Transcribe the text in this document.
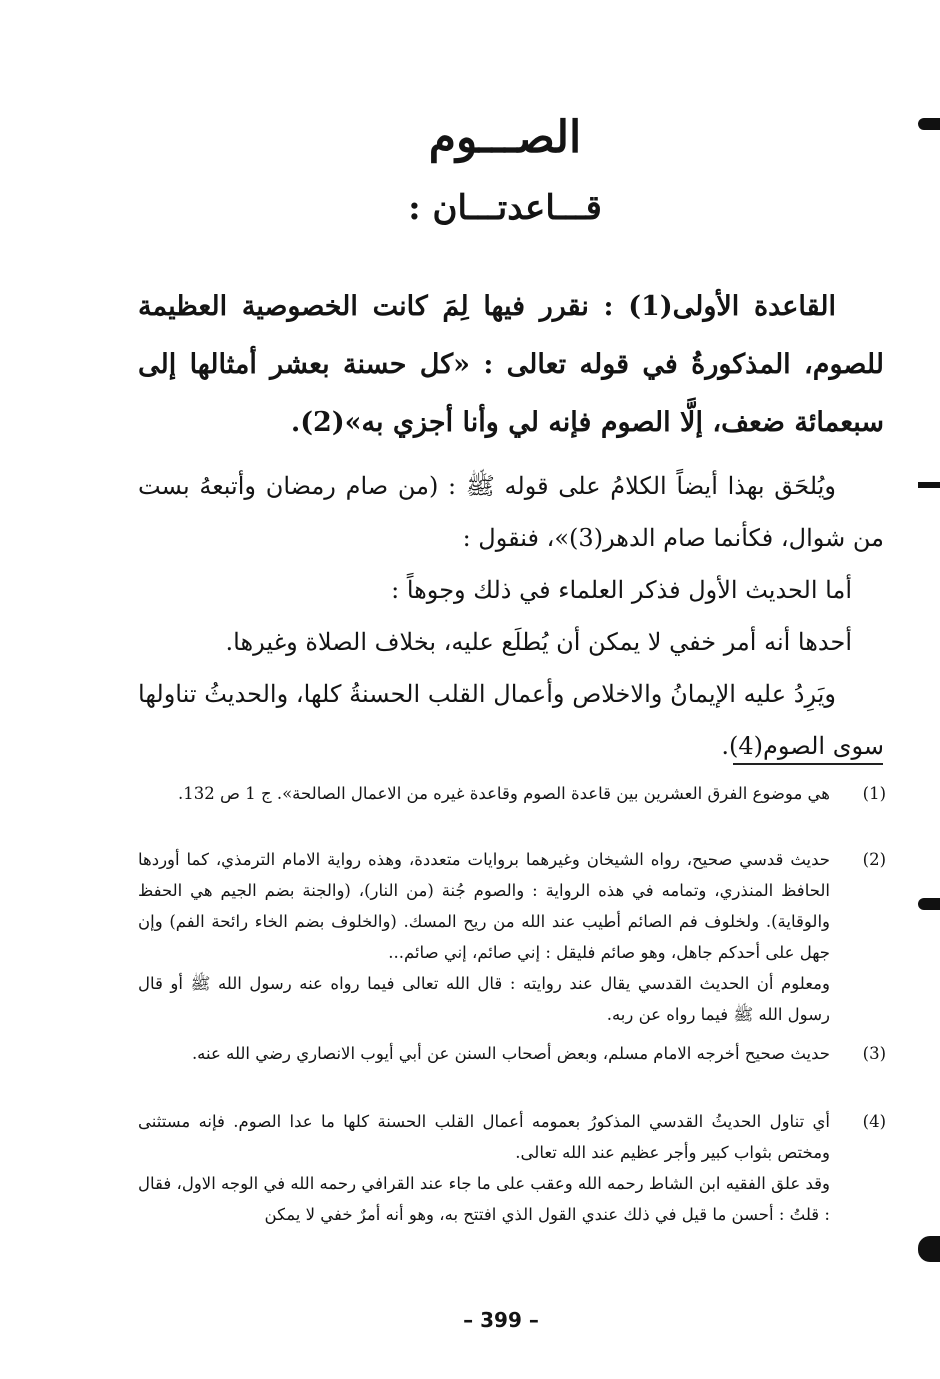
الصـــوم
قـــاعدتـــان :

القاعدة الأولى(1) : نقرر فيها لِمَ كانت الخصوصية العظيمة للصوم، المذكورةُ في قوله تعالى : «كل حسنة بعشر أمثالها إلى سبعمائة ضعف، إلَّا الصوم فإنه لي وأنا أجزي به»(2).

ويُلحَق بهذا أيضاً الكلامُ على قوله ﷺ : (من صام رمضان وأتبعهُ بست من شوال، فكأنما صام الدهر(3)»، فنقول :

أما الحديث الأول فذكر العلماء في ذلك وجوهاً :

أحدها أنه أمر خفي لا يمكن أن يُطلَع عليه، بخلاف الصلاة وغيرها.

ويَرِدُ عليه الإيمانُ والاخلاص وأعمال القلب الحسنةُ كلها، والحديثُ تناولها سوى الصوم(4).

(1)

هي موضوع الفرق العشرين بين قاعدة الصوم وقاعدة غيره من الاعمال الصالحة». ج 1 ص 132.

(2)

حديث قدسي صحيح، رواه الشيخان وغيرهما بروايات متعددة، وهذه رواية الامام الترمذي، كما أوردها الحافظ المنذري، وتمامه في هذه الرواية : والصوم جُنة (من النار)، (والجنة بضم الجيم هي الحفظ والوقاية). ولخلوف فم الصائم أطيب عند الله من ريح المسك. (والخلوف بضم الخاء رائحة الفم) وإن جهل على أحدكم جاهل، وهو صائم فليقل : إني صائم، إني صائم...

ومعلوم أن الحديث القدسي يقال عند روايته : قال الله تعالى فيما رواه عنه رسول الله ﷺ أو قال رسول الله ﷺ فيما رواه عن ربه.

(3)

حديث صحيح أخرجه الامام مسلم، وبعض أصحاب السنن عن أبي أيوب الانصاري رضي الله عنه.

(4)

أي تناول الحديثُ القدسي المذكورُ بعمومه أعمال القلب الحسنة كلها ما عدا الصوم. فإنه مستثنى ومختص بثواب كبير وأجر عظيم عند الله تعالى.

وقد علق الفقيه ابن الشاط رحمه الله وعقب على ما جاء عند القرافي رحمه الله في الوجه الاول، فقال : قلتُ : أحسن ما قيل في ذلك عندي القول الذي افتتح به، وهو أنه أمرٌ خفي لا يمكن

– 399 –
